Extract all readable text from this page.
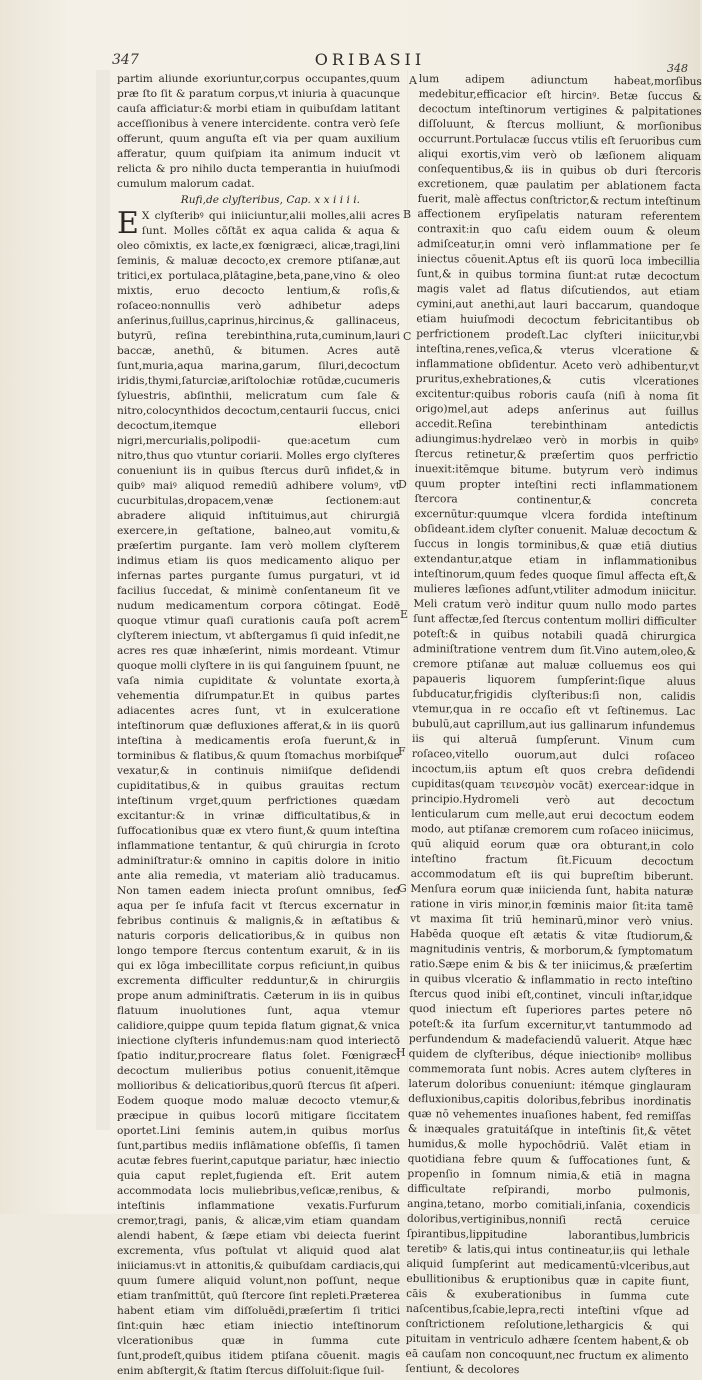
347	ORIBASII
B
C
D
E
F
G
H
A

partim aliunde exoriuntur,corpus occupantes,quum præ ſto ſit & paratum corpus,vt iniuria à quacunque cauſa afficiatur:& morbi etiam in quibuſdam latitant acceſſionibus à venere intercidente. contra verò ſeſe offerunt, quum anguſta eſt via per quam auxilium afferatur, quum quiſpiam ita animum inducit vt relicta & pro nihilo ducta temperantia in huiuſmodi cumulum malorum cadat.

Rufi,de clyſteribus, Cap. x x i i i i.

E X clyſteribꝰ qui iniiciuntur,alii molles,alii acres ſunt. Molles cōſtāt ex aqua calida & aqua & oleo cōmixtis, ex lacte,ex fœnigræci, alicæ,tragi,lini ſeminis, & maluæ decocto,ex cremore ptiſanæ,aut tritici,ex portulaca,plātagine,beta,pane,vino & oleo mixtis, eruo decocto lentium,& roſis,& roſaceo:nonnullis verò adhibetur adeps anſerinus,ſuillus,caprinus,hircinus,& gallinaceus, butyrū, reſina terebinthina,ruta,cuminum,lauri baccæ, anethū, & bitumen. Acres autē ſunt,muria,aqua marina,garum, ſiluri,decoctum iridis,thymi,ſaturciæ,ariſtolochiæ rotūdæ,cucumeris ſyluestris, abſinthii, melicratum cum ſale & nitro,colocynthidos decoctum,centaurii ſuccus, cnici decoctum,itemque ellebori nigri,mercurialis,polipodii- que:acetum cum nitro,thus quo vtuntur coriarii. Molles ergo clyſteres conueniunt iis in quibus ſtercus durū infidet,& in quibꝰ maiꝰ aliquod remediū adhibere volumꝰ, vt cucurbitulas,dropacem,venæ ſectionem:aut abradere aliquid inſtituimus,aut chirurgiā exercere,in geſtatione, balneo,aut vomitu,& præſertim purgante. Iam verò mollem clyſterem indimus etiam iis quos medicamento aliquo per infernas partes purgante ſumus purgaturi, vt id facilius ſuccedat, & minimè conſentaneum ſit ve nudum medicamentum corpora cōtingat. Eodē quoque vtimur quaſi curationis cauſa poſt acrem clyſterem iniectum, vt abſtergamus ſi quid inſedit,ne acres res quæ inhæſerint, nimis mordeant. Vtimur quoque molli clyſtere in iis qui ſanguinem ſpuunt, ne vaſa nimia cupiditate & voluntate exorta,à vehementia diſrumpatur.Et in quibus partes adiacentes acres ſunt, vt in exulceratione inteſtinorum quæ defluxiones afferat,& in iis quorū inteſtina à medicamentis eroſa fuerunt,& in torminibus & flatibus,& quum ſtomachus morbiſque vexatur,& in continuis nimiiſque deſidendi cupiditatibus,& in quibus grauitas rectum inteſtinum vrget,quum perfrictiones quædam excitantur:& in vrinæ difficultatibus,& in ſuffocationibus quæ ex vtero fiunt,& quum inteſtina inflammatione tentantur, & quū chirurgia in ſcroto adminiſtratur:& omnino in capitis dolore in initio ante alia remedia, vt materiam aliò traducamus. Non tamen eadem iniecta proſunt omnibus, ſed aqua per ſe infuſa facit vt ſtercus excernatur in febribus continuis & malignis,& in æſtatibus & naturis corporis delicatioribus,& in quibus non longo tempore ſtercus contentum exaruit, & in iis qui ex lōga imbecillitate corpus reficiunt,in quibus excrementa difficulter redduntur,& in chirurgiis prope anum adminiſtratis. Cæterum in iis in quibus flatuum inuolutiones ſunt, aqua vtemur calidiore,quippe quum tepida flatum gignat,& vnica iniectione clyſteris infundemus:nam quod interiectō ſpatio inditur,procreare flatus ſolet. Fœnigræci decoctum mulieribus potius conuenit,itēmque mollioribus & delicatioribus,quorū ſtercus ſit aſperi. Eodem quoque modo maluæ decocto vtemur,& præcipue in quibus locorū mitigare ſiccitatem oportet.Lini ſeminis autem,in quibus morſus ſunt,partibus mediis inflāmatione obſeſſis, ſi tamen acutæ febres fuerint,caputque pariatur, hæc iniectio quia caput replet,fugienda eſt. Erit autem accommodata locis muliebribus,veſicæ,renibus, & inteſtinis inflammatione vexatis.Furfurum cremor,tragi, panis, & alicæ,vim etiam quandam alendi habent, & ſæpe etiam vbi deiecta fuerint excrementa, vſus poſtulat vt aliquid quod alat iniiciamus:vt in attonitis,& quibuſdam cardiacis,qui quum ſumere aliquid volunt,non poſſunt, neque etiam tranſmittūt, quū ſtercore ſint repleti.Præterea habent etiam vim diſſoluēdi,præſertim ſi tritici ſint:quin hæc etiam iniectio inteſtinorum vlcerationibus quæ in ſumma cute ſunt,prodeſt,quibus itidem ptiſana cōuenit. magis enim abſtergit,& ſtatim ſtercus diſſoluit:ſique ſuil-

lum adipem adiunctum habeat,morſibus medebitur,efficacior eſt hircinꝰ. Betæ ſuccus & decoctum inteſtinorum vertigines & palpitationes diſſoluunt, & ſtercus molliunt, & morſionibus occurrunt.Portulacæ ſuccus vtilis eſt ſeruoribus cum aliqui exortis,vim verò ob læſionem aliquam conſequentibus,& iis in quibus ob duri ſtercoris excretionem, quæ paulatim per ablationem facta fuerit, malè affectus conſtrictor,& rectum inteſtinum affectionem eryſipelatis naturam referentem contraxit:in quo caſu eidem ouum & oleum admiſceatur,in omni verò inflammatione per ſe iniectus cōuenit.Aptus eſt iis quorū loca imbecillia ſunt,& in quibus tormina ſiunt:at rutæ decoctum magis valet ad flatus diſcutiendos, aut etiam cymini,aut anethi,aut lauri baccarum, quandoque etiam huiuſmodi decoctum febricitantibus ob perfrictionem prodeſt.Lac clyſteri iniicitur,vbi inteſtina,renes,veſica,& vterus vlceratione & inflammatione obſidentur. Aceto verò adhibentur,vt pruritus,exhebrationes,& cutis vlcerationes excitentur:quibus roboris cauſa (niſi à noma ſit origo)mel,aut adeps anſerinus aut ſuillus accedit.Reſina terebinthinam antedictis adiungimus:hydrelæo verò in morbis in quibꝰ ſtercus retinetur,& præſertim quos perfrictio inuexit:itēmque bitume. butyrum verò indimus quum propter inteſtini recti inflammationem ſtercora continentur,& concreta excernūtur:quumque vlcera fordida inteſtinum obſideant.idem clyſter conuenit. Maluæ decoctum & ſuccus in longis torminibus,& quæ etiā diutius extendantur,atque etiam in inflammationibus inteſtinorum,quum fedes quoque ſimul affecta eſt,& mulieres læſiones adſunt,vtiliter admodum iniicitur. Meli cratum verò inditur quum nullo modo partes ſunt affectæ,ſed ſtercus contentum molliri difficulter poteſt:& in quibus notabili quadā chirurgica adminiſtratione ventrem dum ſit.Vino autem,oleo,& cremore ptiſanæ aut maluæ colluemus eos qui papaueris liquorem ſumpſerint:ſique aluus ſubducatur,frigidis clyſteribus:ſi non, calidis vtemur,qua in re occaſio eſt vt ſeſtinemus. Lac bubulū,aut caprillum,aut ius gallinarum infundemus iis qui alteruā ſumpſerunt. Vinum cum roſaceo,vitello ouorum,aut dulci roſaceo incoctum,iis aptum eſt quos crebra deſidendi cupiditas(quam τεινεσμὸν vocāt) exercear:idque in principio.Hydromeli verò aut decoctum lenticularum cum melle,aut erui decoctum eodem modo, aut ptiſanæ cremorem cum roſaceo iniicimus, quū aliquid eorum quæ ora obturant,in colo inteſtino fractum ſit.Ficuum decoctum accommodatum eſt iis qui bupreſtim biberunt. Menſura eorum quæ iniicienda ſunt, habita naturæ ratione in viris minor,in fœminis maior ſit:ita tamē vt maxima ſit triū heminarū,minor verò vnius. Habēda quoque eſt ætatis & vitæ ſtudiorum,& magnitudinis ventris, & morborum,& ſymptomatum ratio.Sæpe enim & bis & ter iniicimus,& præſertim in quibus vlceratio & inflammatio in recto inteſtino ſtercus quod inibi eſt,continet, vinculi inſtar,idque quod iniectum eſt ſuperiores partes petere nō poteſt:& ita ſurſum excernitur,vt tantummodo ad perfundendum & madefaciendū valuerit. Atque hæc quidem de clyſteribus, déque iniectionibꝰ mollibus commemorata ſunt nobis. Acres autem clyſteres in laterum doloribus conueniunt: itémque ginglauram defluxionibus,capitis doloribus,febribus inordinatis quæ nō vehementes inuaſiones habent, fed remiſſas & inæquales gratuitáſque in inteſtinis ſit,& vētet humidus,& molle hypochōdriū. Valēt etiam in quotidiana febre quum & ſuffocationes ſunt, & propenſio in ſomnum nimia,& etiā in magna difficultate reſpirandi, morbo pulmonis, angina,tetano, morbo comitiali,inſania, coxendicis doloribus,vertiginibus,nonniſi rectā ceruice ſpirantibus,lippitudine laborantibus,lumbricis teretibꝰ & latis,qui intus contineatur,iis qui lethale aliquid ſumpſerint aut medicamentū:vlceribus,aut ebullitionibus & eruptionibus quæ in capite fiunt, cāis & exuberationibus in ſumma cute naſcentibus,ſcabie,lepra,recti inteſtini vſque ad conſtrictionem reſolutione,lethargicis & qui pituitam in ventriculo adhære ſcentem habent,& ob eā cauſam non concoquunt,nec fructum ex alimento ſentiunt, & decolores

348
